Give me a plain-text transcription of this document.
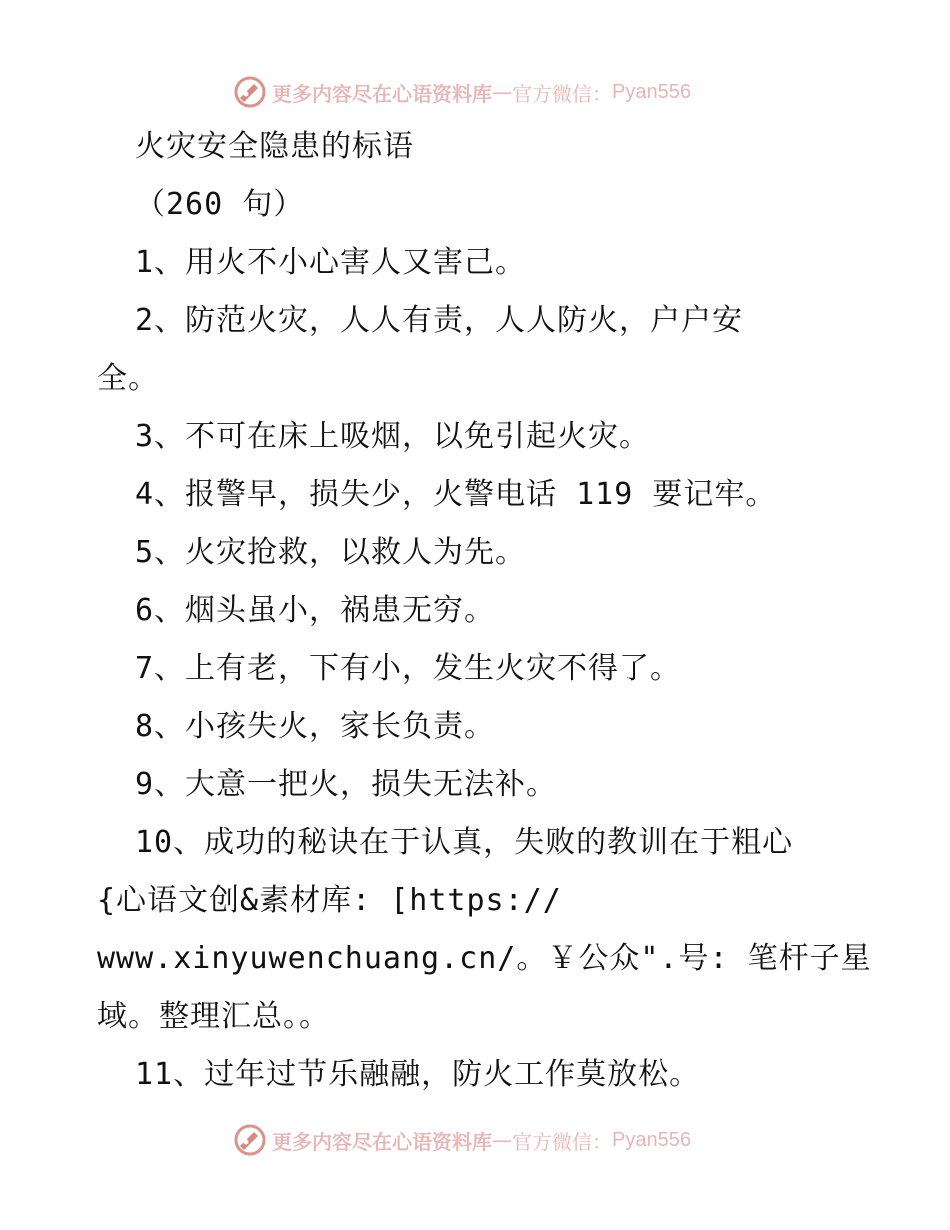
更多内容尽在心语资料库 — 官方微信： Pyan556
火灾安全隐患的标语
（260 句）
1、用火不小心害人又害己。
2、防范火灾，人人有责，人人防火，户户安
全。
3、不可在床上吸烟，以免引起火灾。
4、报警早，损失少，火警电话 119 要记牢。
5、火灾抢救，以救人为先。
6、烟头虽小，祸患无穷。
7、上有老，下有小，发生火灾不得了。
8、小孩失火，家长负责。
9、大意一把火，损失无法补。
10、成功的秘诀在于认真，失败的教训在于粗心
{心语文创&素材库: [https://
www.xinyuwenchuang.cn/。￥公众".号: 笔杆子星
域。整理汇总。。
11、过年过节乐融融，防火工作莫放松。
更多内容尽在心语资料库 — 官方微信： Pyan556
